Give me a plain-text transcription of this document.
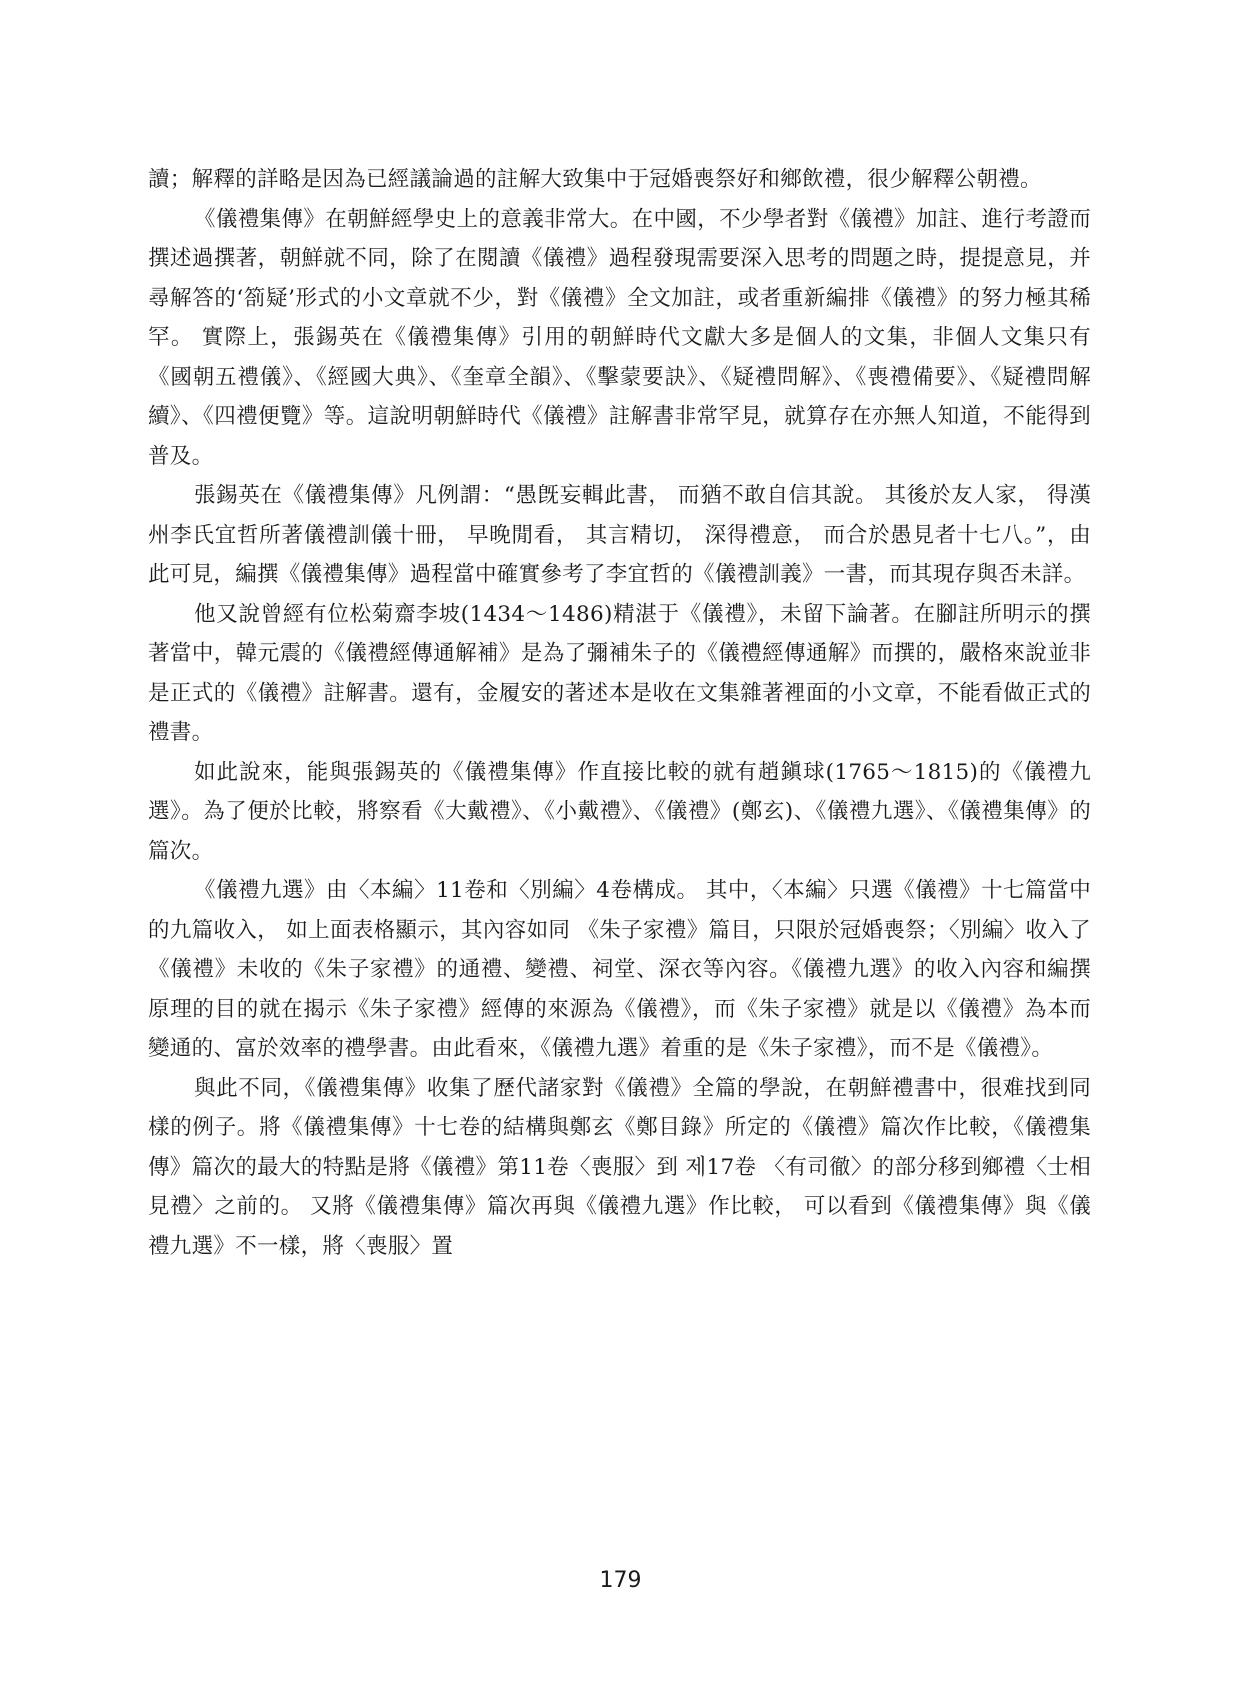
讀；解釋的詳略是因為已經議論過的註解大致集中于冠婚喪祭好和鄉飲禮，很少解釋公朝禮。

《儀禮集傳》在朝鮮經學史上的意義非常大。在中國，不少學者對《儀禮》加註、進行考證而撰述過撰著，朝鮮就不同，除了在閱讀《儀禮》過程發現需要深入思考的問題之時，提提意見，并尋解答的‘箚疑’形式的小文章就不少，對《儀禮》全文加註，或者重新編排《儀禮》的努力極其稀罕。 實際上，張錫英在《儀禮集傳》引用的朝鮮時代文獻大多是個人的文集，非個人文集只有《國朝五禮儀》、《經國大典》、《奎章全韻》、《擊蒙要訣》、《疑禮問解》、《喪禮備要》、《疑禮問解續》、《四禮便覽》等。這說明朝鮮時代《儀禮》註解書非常罕見，就算存在亦無人知道，不能得到普及。

張錫英在《儀禮集傳》凡例謂：“愚旣妄輯此書， 而猶不敢自信其說。 其後於友人家， 得漢州李氏宜哲所著儀禮訓儀十冊， 早晚閒看， 其言精切， 深得禮意， 而合於愚見者十七八。”，由此可見，編撰《儀禮集傳》過程當中確實參考了李宜哲的《儀禮訓義》一書，而其現存與否未詳。

他又說曾經有位松菊齋李坡(1434～1486)精湛于《儀禮》，未留下論著。在腳註所明示的撰著當中，韓元震的《儀禮經傳通解補》是為了彌補朱子的《儀禮經傳通解》而撰的，嚴格來說並非是正式的《儀禮》註解書。還有，金履安的著述本是收在文集雜著裡面的小文章，不能看做正式的禮書。

如此說來，能與張錫英的《儀禮集傳》作直接比較的就有趙鎭球(1765～1815)的《儀禮九選》。為了便於比較，將察看《大戴禮》、《小戴禮》、《儀禮》(鄭玄)、《儀禮九選》、《儀禮集傳》的篇次。

《儀禮九選》由〈本編〉11卷和〈別編〉4卷構成。 其中，〈本編〉只選《儀禮》十七篇當中的九篇收入， 如上面表格顯示，其內容如同 《朱子家禮》篇目，只限於冠婚喪祭；〈別編〉收入了《儀禮》未收的《朱子家禮》的通禮、變禮、祠堂、深衣等內容。《儀禮九選》的收入內容和編撰原理的目的就在揭示《朱子家禮》經傳的來源為《儀禮》，而《朱子家禮》就是以《儀禮》為本而變通的、富於效率的禮學書。由此看來，《儀禮九選》着重的是《朱子家禮》，而不是《儀禮》。

與此不同，《儀禮集傳》收集了歷代諸家對《儀禮》全篇的學說，在朝鮮禮書中，很难找到同樣的例子。將《儀禮集傳》十七卷的結構與鄭玄《鄭目錄》所定的《儀禮》篇次作比較，《儀禮集傳》篇次的最大的特點是將《儀禮》第11卷〈喪服〉到 제17卷 〈有司徹〉的部分移到鄉禮〈士相見禮〉之前的。 又將《儀禮集傳》篇次再與《儀禮九選》作比較， 可以看到《儀禮集傳》與《儀禮九選》不一樣，將〈喪服〉置

179
